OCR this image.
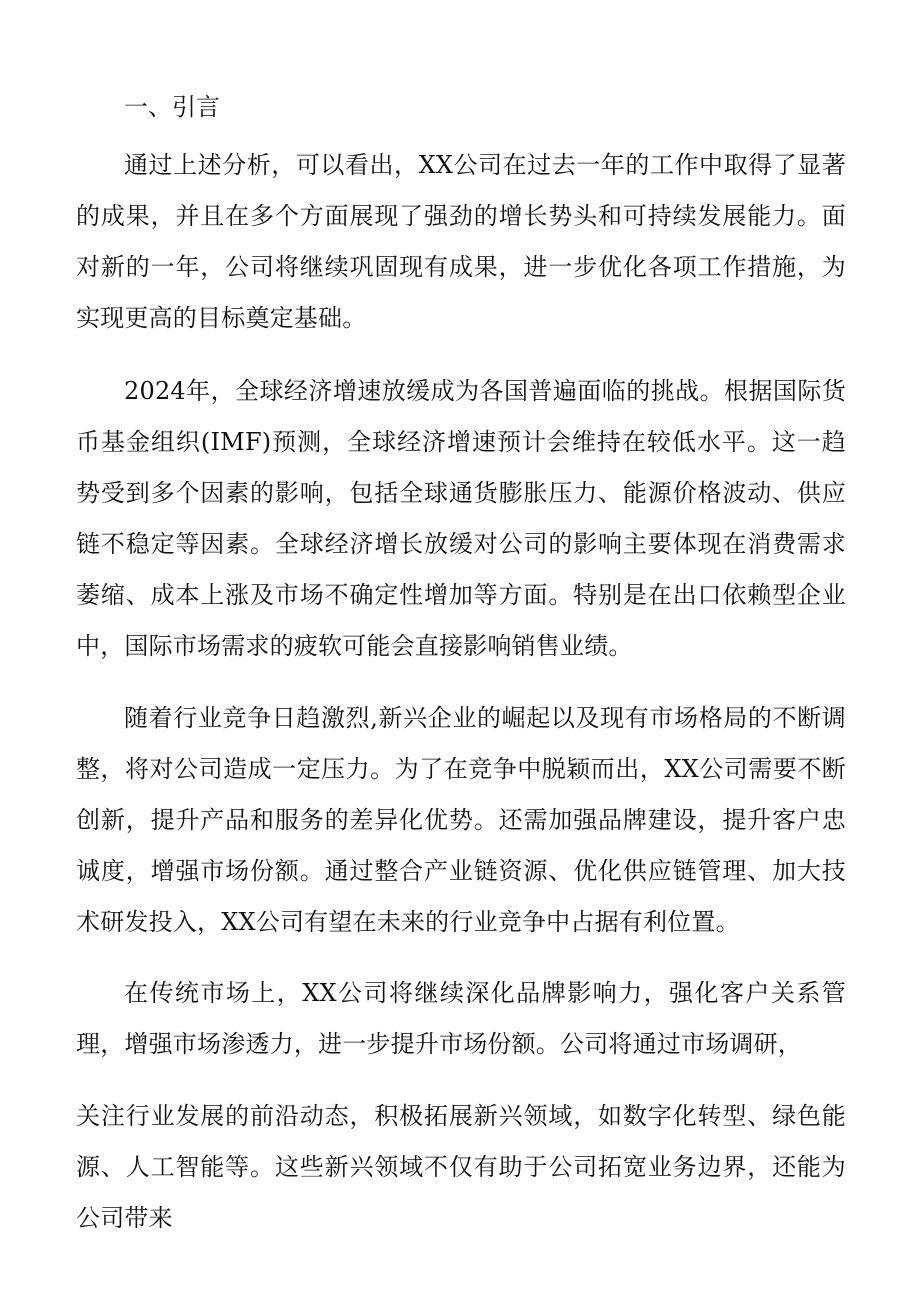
一、引言

通过上述分析，可以看出，XX公司在过去一年的工作中取得了显著的成果，并且在多个方面展现了强劲的增长势头和可持续发展能力。面对新的一年，公司将继续巩固现有成果，进一步优化各项工作措施，为实现更高的目标奠定基础。

2024年，全球经济增速放缓成为各国普遍面临的挑战。根据国际货币基金组织(IMF)预测，全球经济增速预计会维持在较低水平。这一趋势受到多个因素的影响，包括全球通货膨胀压力、能源价格波动、供应链不稳定等因素。全球经济增长放缓对公司的影响主要体现在消费需求萎缩、成本上涨及市场不确定性增加等方面。特别是在出口依赖型企业中，国际市场需求的疲软可能会直接影响销售业绩。

随着行业竞争日趋激烈,新兴企业的崛起以及现有市场格局的不断调整，将对公司造成一定压力。为了在竞争中脱颖而出，XX公司需要不断创新，提升产品和服务的差异化优势。还需加强品牌建设，提升客户忠诚度，增强市场份额。通过整合产业链资源、优化供应链管理、加大技术研发投入，XX公司有望在未来的行业竞争中占据有利位置。

在传统市场上，XX公司将继续深化品牌影响力，强化客户关系管理，增强市场渗透力，进一步提升市场份额。公司将通过市场调研，

关注行业发展的前沿动态，积极拓展新兴领域，如数字化转型、绿色能源、人工智能等。这些新兴领域不仅有助于公司拓宽业务边界，还能为公司带来
